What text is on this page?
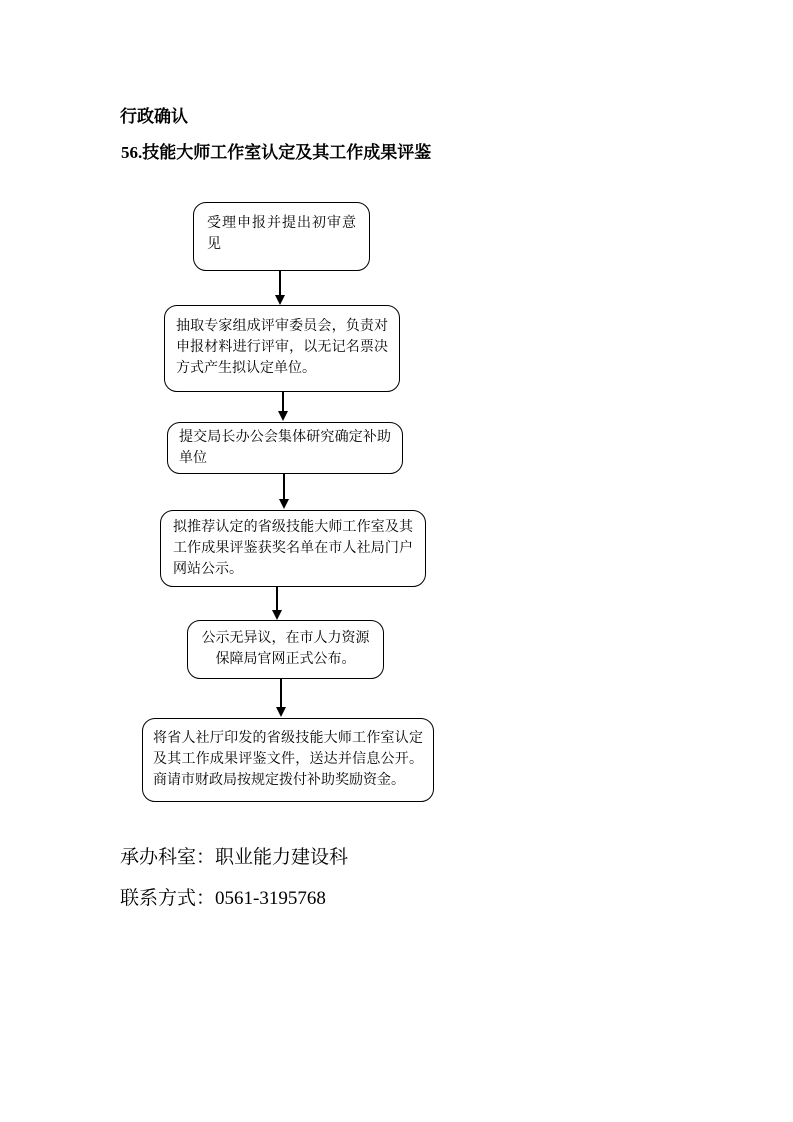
行政确认
56.技能大师工作室认定及其工作成果评鉴
受理申报并提出初审意见
抽取专家组成评审委员会，负责对申报材料进行评审，以无记名票决方式产生拟认定单位。
提交局长办公会集体研究确定补助单位
拟推荐认定的省级技能大师工作室及其工作成果评鉴获奖名单在市人社局门户网站公示。
公示无异议，在市人力资源保障局官网正式公布。
将省人社厅印发的省级技能大师工作室认定及其工作成果评鉴文件，送达并信息公开。商请市财政局按规定拨付补助奖励资金。
承办科室：职业能力建设科
联系方式：0561-3195768
